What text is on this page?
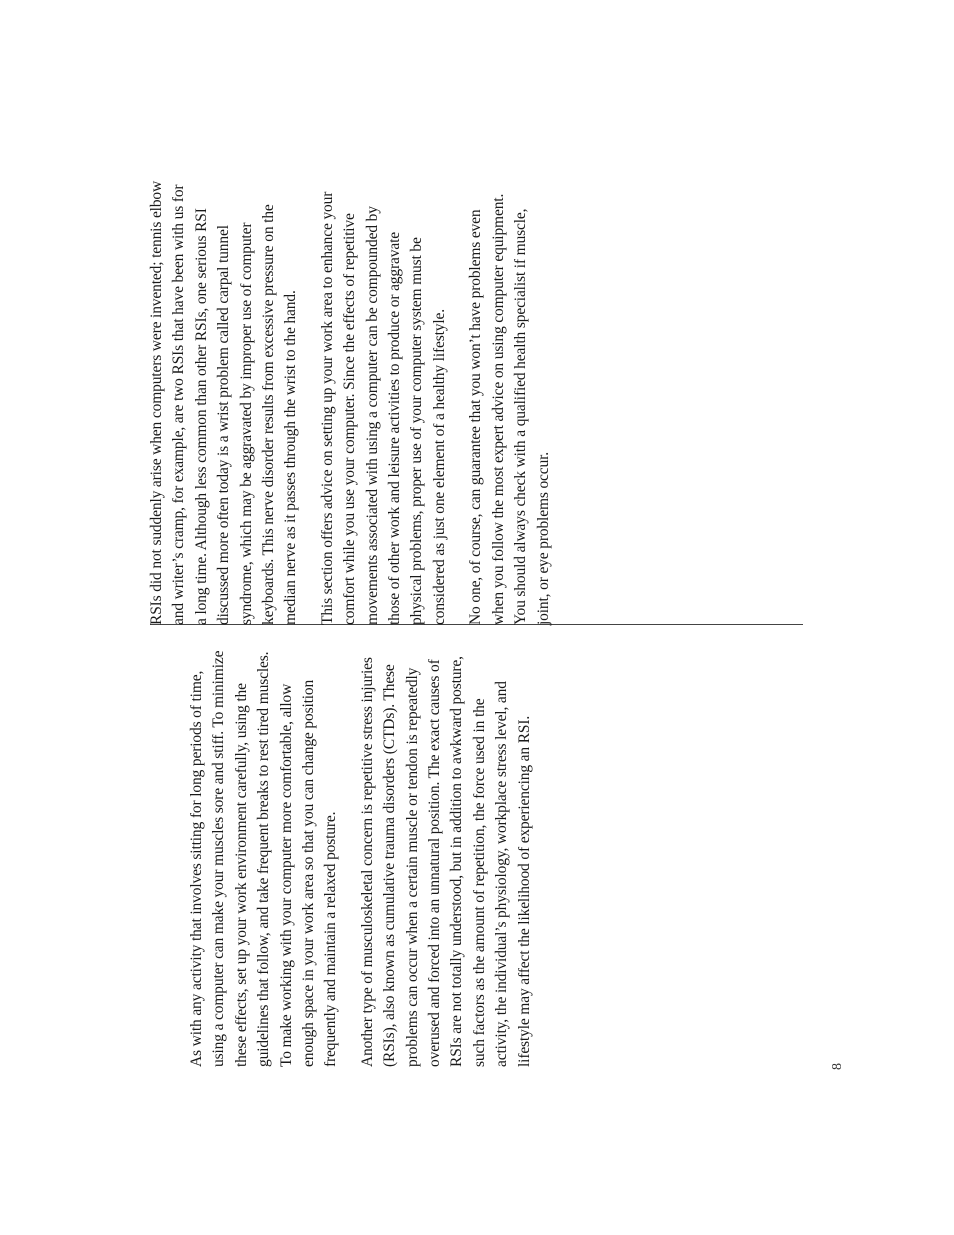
As with any activity that involves sitting for long periods of time, using a computer can make your muscles sore and stiff. To minimize these effects, set up your work environment carefully, using the guidelines that follow, and take frequent breaks to rest tired muscles. To make working with your computer more comfortable, allow enough space in your work area so that you can change position frequently and maintain a relaxed posture. Another type of musculoskeletal concern is repetitive stress injuries (RSIs), also known as cumulative trauma disorders (CTDs). These problems can occur when a certain muscle or tendon is repeatedly overused and forced into an unnatural position. The exact causes of RSIs are not totally understood, but in addition to awkward posture, such factors as the amount of repetition, the force used in the activity, the individual’s physiology, workplace stress level, and lifestyle may affect the likelihood of experiencing an RSI.

RSIs did not suddenly arise when computers were invented; tennis elbow and writer’s cramp, for example, are two RSIs that have been with us for a long time. Although less common than other RSIs, one serious RSI discussed more often today is a wrist problem called carpal tunnel syndrome, which may be aggravated by improper use of computer keyboards. This nerve disorder results from excessive pressure on the median nerve as it passes through the wrist to the hand. This section offers advice on setting up your work area to enhance your comfort while you use your computer. Since the effects of repetitive movements associated with using a computer can be compounded by those of other work and leisure activities to produce or aggravate physical problems, proper use of your computer system must be considered as just one element of a healthy lifestyle. No one, of course, can guarantee that you won’t have problems even when you follow the most expert advice on using computer equipment. You should always check with a qualified health specialist if muscle, joint, or eye problems occur.

8
